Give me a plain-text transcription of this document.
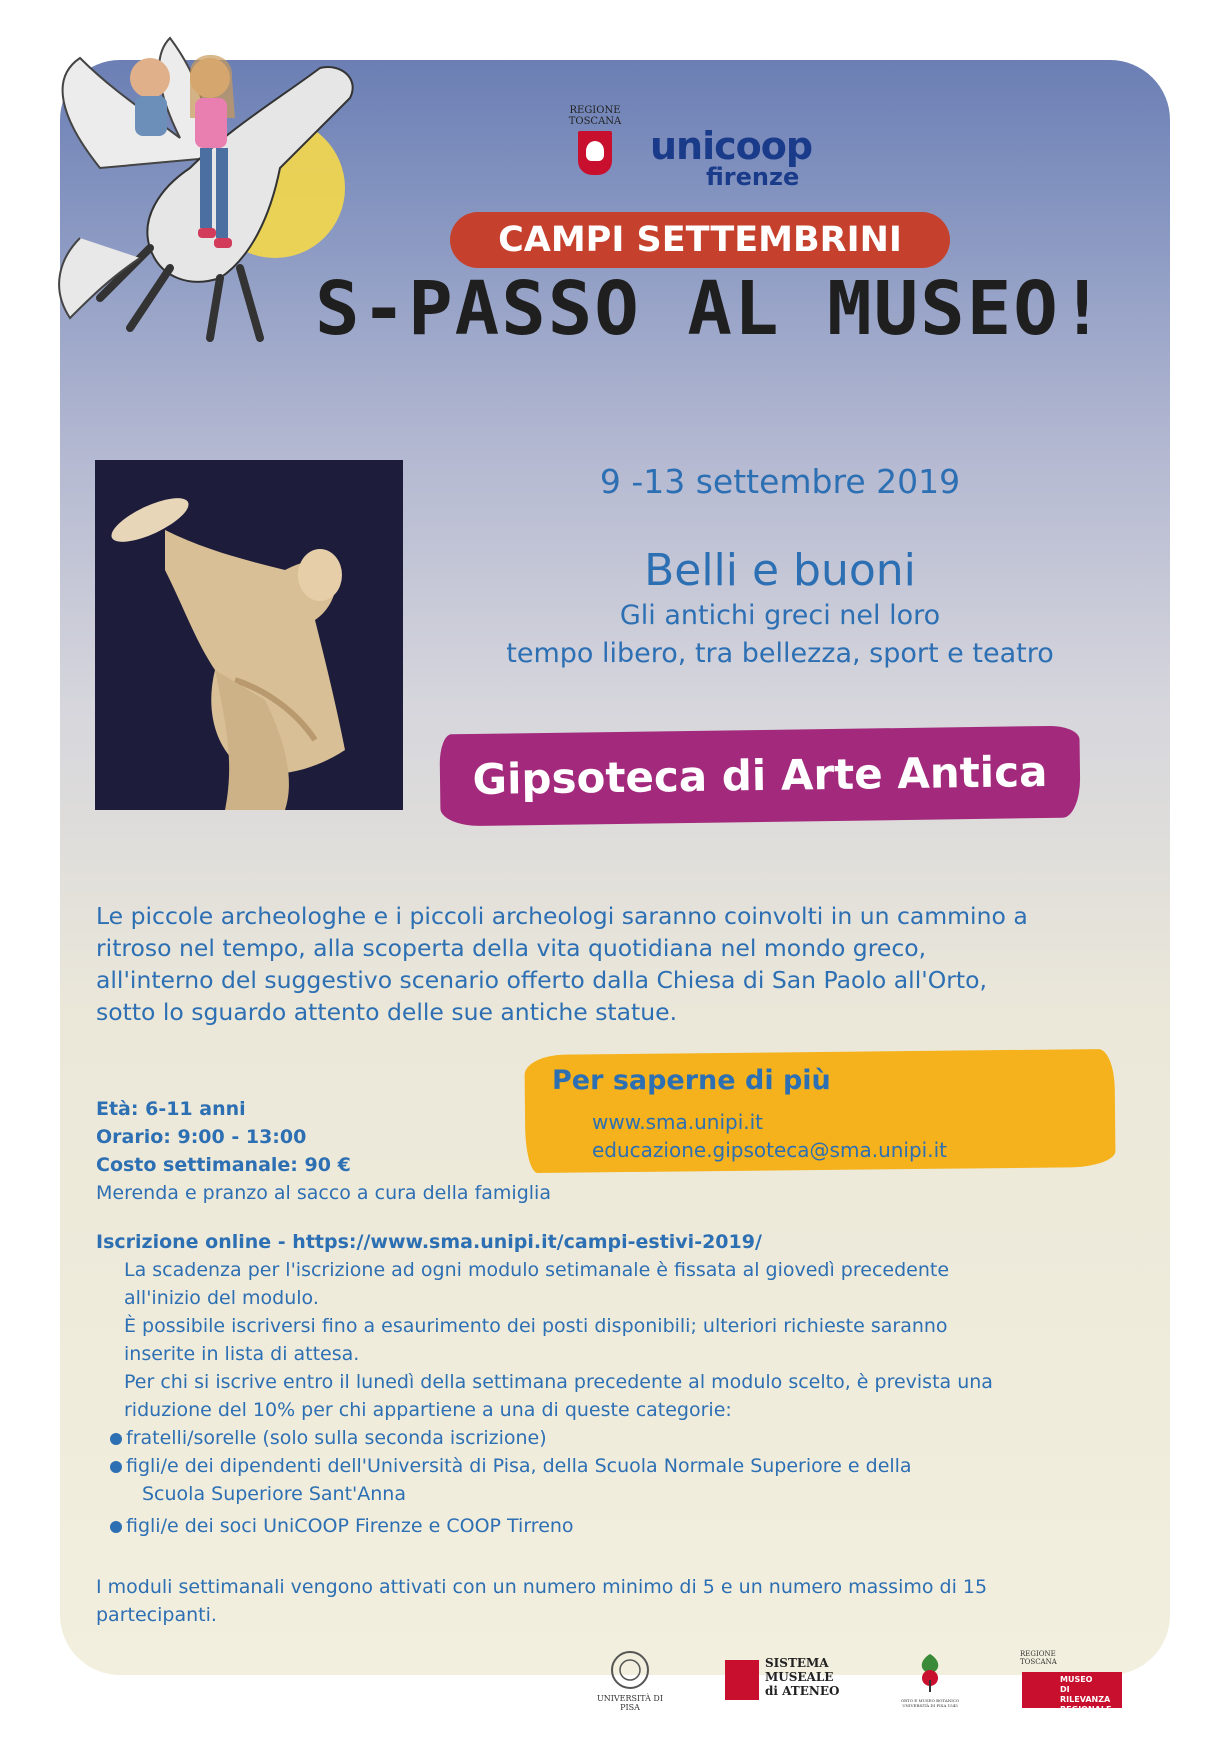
REGIONE TOSCANA
unicoop
firenze
CAMPI SETTEMBRINI
S-PASSO AL MUSEO!
9 -13 settembre 2019
Belli e buoni
Gli antichi greci nel loro
tempo libero, tra bellezza, sport e teatro
Gipsoteca di Arte Antica
Le piccole archeologhe e i piccoli archeologi saranno coinvolti in un cammino a
ritroso nel tempo, alla scoperta della vita quotidiana nel mondo greco,
all'interno del suggestivo scenario offerto dalla Chiesa di San Paolo all'Orto,
sotto lo sguardo attento delle sue antiche statue.
Per saperne di più
www.sma.unipi.it
educazione.gipsoteca@sma.unipi.it
Età: 6-11 anni
Orario: 9:00 - 13:00
Costo settimanale: 90 €
Merenda e pranzo al sacco a cura della famiglia
Iscrizione online - https://www.sma.unipi.it/campi-estivi-2019/
La scadenza per l'iscrizione ad ogni modulo setimanale è fissata al giovedì precedente
all'inizio del modulo.
È possibile iscriversi fino a esaurimento dei posti disponibili; ulteriori richieste saranno
inserite in lista di attesa.
Per chi si iscrive entro il lunedì della settimana precedente al modulo scelto, è prevista una
riduzione del 10% per chi appartiene a una di queste categorie:
fratelli/sorelle (solo sulla seconda iscrizione)
figli/e dei dipendenti dell'Università di Pisa, della Scuola Normale Superiore e della
Scuola Superiore Sant'Anna
figli/e dei soci UniCOOP Firenze e COOP Tirreno
I moduli settimanali vengono attivati con un numero minimo di 5 e un numero massimo di 15
partecipanti.
UNIVERSITÀ DI PISA
SISTEMA
MUSEALE
di ATENEO
ORTO E MUSEO BOTANICO UNIVERSITÀ DI PISA 1545
REGIONE TOSCANA
MUSEO
DI RILEVANZA
REGIONALE
